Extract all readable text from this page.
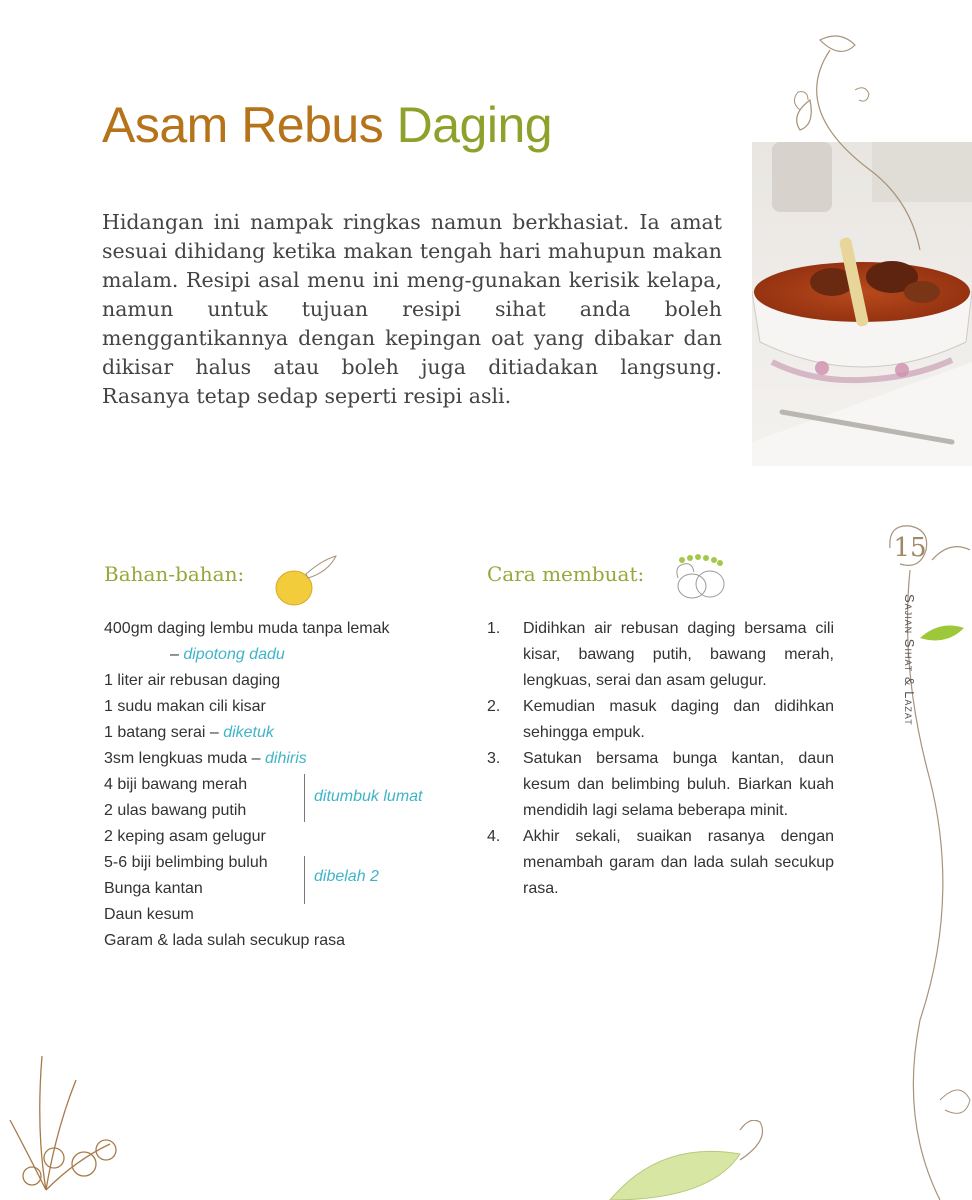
Asam Rebus Daging

Hidangan ini nampak ringkas namun berkhasiat. Ia amat sesuai dihidang ketika makan tengah hari mahupun makan malam. Resipi asal menu ini meng-gunakan kerisik kelapa, namun untuk tujuan resipi sihat anda boleh menggantikannya dengan kepingan oat yang dibakar dan dikisar halus atau boleh juga ditiadakan langsung. Rasanya tetap sedap seperti resipi asli.

Bahan-bahan:
400gm daging lembu muda tanpa lemak
– dipotong dadu
1 liter air rebusan daging
1 sudu makan cili kisar
1 batang serai – diketuk
3sm lengkuas muda – dihiris
4 biji bawang merah
2 ulas bawang putih
2 keping asam gelugur
5-6 biji belimbing buluh
Bunga kantan
Daun kesum
Garam & lada sulah secukup rasa
ditumbuk lumat
dibelah 2
Cara membuat:
1.	Didihkan air rebusan daging bersama cili kisar, bawang putih, bawang merah, lengkuas, serai dan asam gelugur.
2.	Kemudian masuk daging dan didihkan sehingga empuk.
3.	Satukan bersama bunga kantan, daun kesum dan belimbing buluh. Biarkan kuah mendidih lagi selama beberapa minit.
4.	Akhir sekali, suaikan rasanya dengan menambah garam dan lada sulah secukup rasa.
15
Sajian Sihat & Lazat
